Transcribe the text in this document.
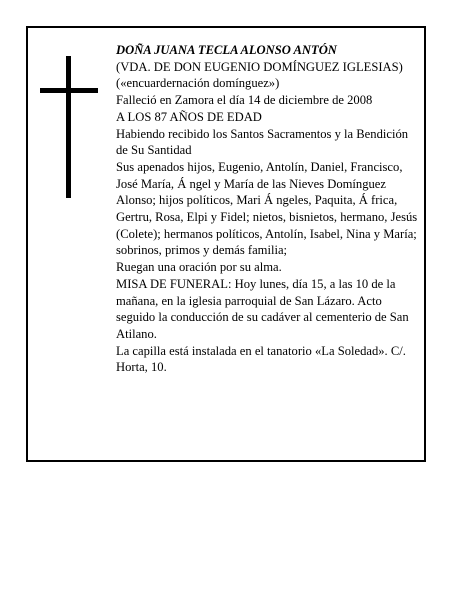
DOÑA JUANA TECLA ALONSO ANTÓN

(VDA. DE DON EUGENIO DOMÍNGUEZ IGLESIAS)

(«encuardernación domínguez»)

Falleció en Zamora el día 14 de diciembre de 2008

A LOS 87 AÑOS DE EDAD

Habiendo recibido los Santos Sacramentos y la Bendición de Su Santidad

Sus apenados hijos, Eugenio, Antolín, Daniel, Francisco, José María, Á ngel y María de las Nieves Domínguez Alonso; hijos políticos, Mari Á ngeles, Paquita, Á frica, Gertru, Rosa, Elpi y Fidel; nietos, bisnietos, hermano, Jesús (Colete); hermanos políticos, Antolín, Isabel, Nina y María; sobrinos, primos y demás familia;

Ruegan una oración por su alma.

MISA DE FUNERAL: Hoy lunes, día 15, a las 10 de la mañana, en la iglesia parroquial de San Lázaro. Acto seguido la conducción de su cadáver al cementerio de San Atilano.

La capilla está instalada en el tanatorio «La Soledad». C/. Horta, 10.
